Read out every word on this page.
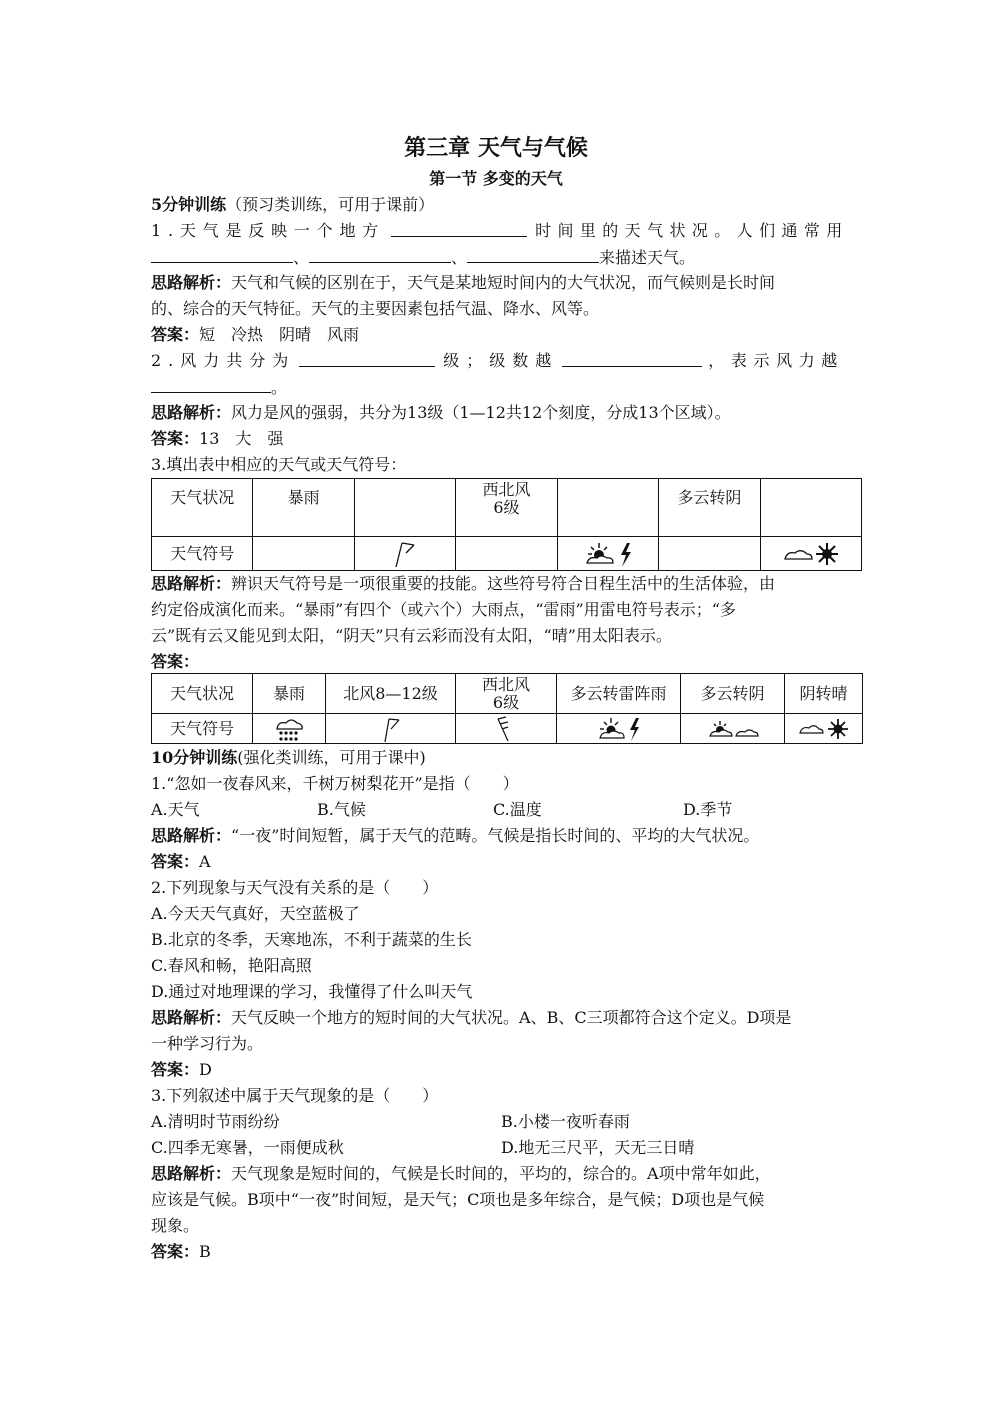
第三章 天气与气候
第一节 多变的天气
5分钟训练（预习类训练，可用于课前）
1.天气是反映一个地方	时间里的天气状况。人们通常用
、	、	来描述天气。
思路解析：天气和气候的区别在于，天气是某地短时间内的大气状况，而气候则是长时间
的、综合的天气特征。天气的主要因素包括气温、降水、风等。
答案：短　冷热　阴晴　风雨
2.风力共分为	级；级数越	，表示风力越
。
思路解析：风力是风的强弱，共分为13级（1—12共12个刻度，分成13个区域）。
答案：13　大　强
3.填出表中相应的天气或天气符号：
天气状况	暴雨		西北风6级		多云转阴	
天气符号		

思路解析：辨识天气符号是一项很重要的技能。这些符号符合日程生活中的生活体验，由
约定俗成演化而来。“暴雨”有四个（或六个）大雨点，“雷雨”用雷电符号表示；“多
云”既有云又能见到太阳，“阴天”只有云彩而没有太阳，“晴”用太阳表示。
答案：
天气状况	暴雨	北风8—12级	西北风6级	多云转雷阵雨	多云转阴	阴转晴
天气符号	

10分钟训练(强化类训练，可用于课中)
1.“忽如一夜春风来，千树万树梨花开”是指（　　）
A.天气	B.气候	C.温度	D.季节
思路解析：“一夜”时间短暂，属于天气的范畴。气候是指长时间的、平均的大气状况。
答案：A
2.下列现象与天气没有关系的是（　　）
A.今天天气真好，天空蓝极了
B.北京的冬季，天寒地冻，不利于蔬菜的生长
C.春风和畅，艳阳高照
D.通过对地理课的学习，我懂得了什么叫天气
思路解析：天气反映一个地方的短时间的大气状况。A、B、C三项都符合这个定义。D项是
一种学习行为。
答案：D
3.下列叙述中属于天气现象的是（　　）
A.清明时节雨纷纷	B.小楼一夜听春雨
C.四季无寒暑，一雨便成秋	D.地无三尺平，天无三日晴
思路解析：天气现象是短时间的，气候是长时间的，平均的，综合的。A项中常年如此，
应该是气候。B项中“一夜”时间短，是天气；C项也是多年综合，是气候；D项也是气候
现象。
答案：B
